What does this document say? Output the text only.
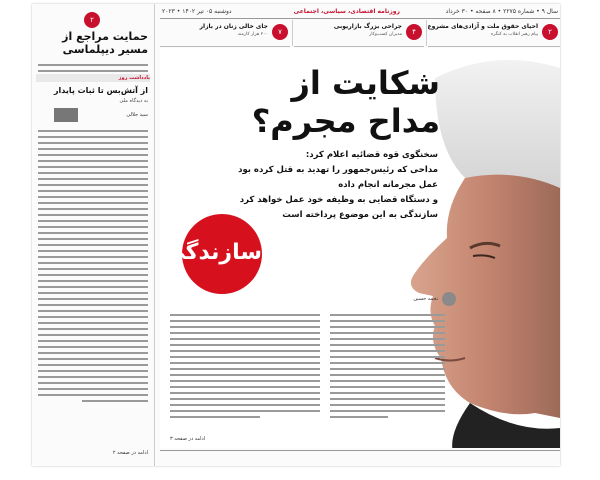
سال ۹ • شماره ۲۲۷۵ • ۸ صفحه • ۳۰ خرداد
روزنامه اقتصادی، سیاسی، اجتماعی
دوشنبه ۰۵ تیر ۱۴۰۲ • ۲۰۲۳
۲
احیای حقوق ملت و آزادی‌های مشروع
پیام رهبر انقلاب به کنگره
۴
جراحی بزرگ بازاریوبی
مدیران کسب‌وکار
۷
جای خالی زنان در بازار
۲۰۰ هزار کارمند
۲
حمایت مراجع از مسیر دیپلماسی
یادداشت روز
از آتش‌بس تا ثبات پایدار
به دیدگاه ملی
سید جلالی
ادامه در صفحه ۲
شکایت از
مداح مجرم؟
سخنگوی قوه قضائیه اعلام کرد:
مداحی که رئیس‌جمهور را تهدید به قتل کرده بود
عمل مجرمانه انجام داده
و دستگاه قضایی به وظیفه خود عمل خواهد کرد
سازندگی به این موضوع پرداخته است
سازندگی
نجمه حسین
ادامه در صفحه ۳
